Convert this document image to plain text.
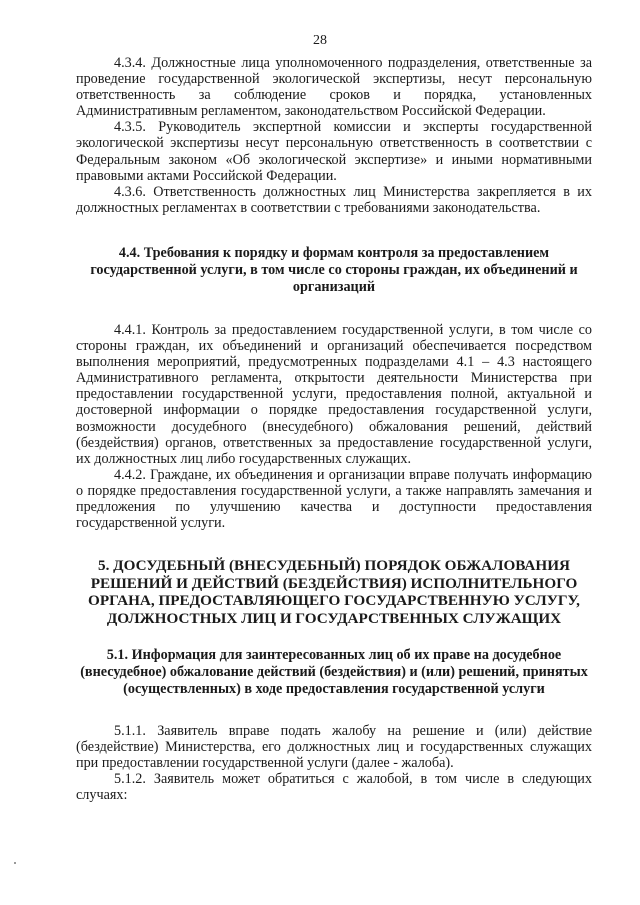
28

4.3.4. Должностные лица уполномоченного подразделения, ответственные за проведение государственной экологической экспертизы, несут персональную ответственность за соблюдение сроков и порядка, установленных Административным регламентом, законодательством Российской Федерации.

4.3.5. Руководитель экспертной комиссии и эксперты государственной экологической экспертизы несут персональную ответственность в соответствии с Федеральным законом «Об экологической экспертизе» и иными нормативными правовыми актами Российской Федерации.

4.3.6. Ответственность должностных лиц Министерства закрепляется в их должностных регламентах в соответствии с требованиями законодательства.

4.4. Требования к порядку и формам контроля за предоставлением государственной услуги, в том числе со стороны граждан, их объединений и организаций

4.4.1. Контроль за предоставлением государственной услуги, в том числе со стороны граждан, их объединений и организаций обеспечивается посредством выполнения мероприятий, предусмотренных подразделами 4.1 – 4.3 настоящего Административного регламента, открытости деятельности Министерства при предоставлении государственной услуги, предоставления полной, актуальной и достоверной информации о порядке предоставления государственной услуги, возможности досудебного (внесудебного) обжалования решений, действий (бездействия) органов, ответственных за предоставление государственной услуги, их должностных лиц либо государственных служащих.

4.4.2. Граждане, их объединения и организации вправе получать информацию о порядке предоставления государственной услуги, а также направлять замечания и предложения по улучшению качества и доступности предоставления государственной услуги.

5. ДОСУДЕБНЫЙ (ВНЕСУДЕБНЫЙ) ПОРЯДОК ОБЖАЛОВАНИЯ РЕШЕНИЙ И ДЕЙСТВИЙ (БЕЗДЕЙСТВИЯ) ИСПОЛНИТЕЛЬНОГО ОРГАНА, ПРЕДОСТАВЛЯЮЩЕГО ГОСУДАРСТВЕННУЮ УСЛУГУ, ДОЛЖНОСТНЫХ ЛИЦ И ГОСУДАРСТВЕННЫХ СЛУЖАЩИХ
5.1. Информация для заинтересованных лиц об их праве на досудебное (внесудебное) обжалование действий (бездействия) и (или) решений, принятых (осуществленных) в ходе предоставления государственной услуги

5.1.1. Заявитель вправе подать жалобу на решение и (или) действие (бездействие) Министерства, его должностных лиц и государственных служащих при предоставлении государственной услуги (далее - жалоба).

5.1.2. Заявитель может обратиться с жалобой, в том числе в следующих случаях:
